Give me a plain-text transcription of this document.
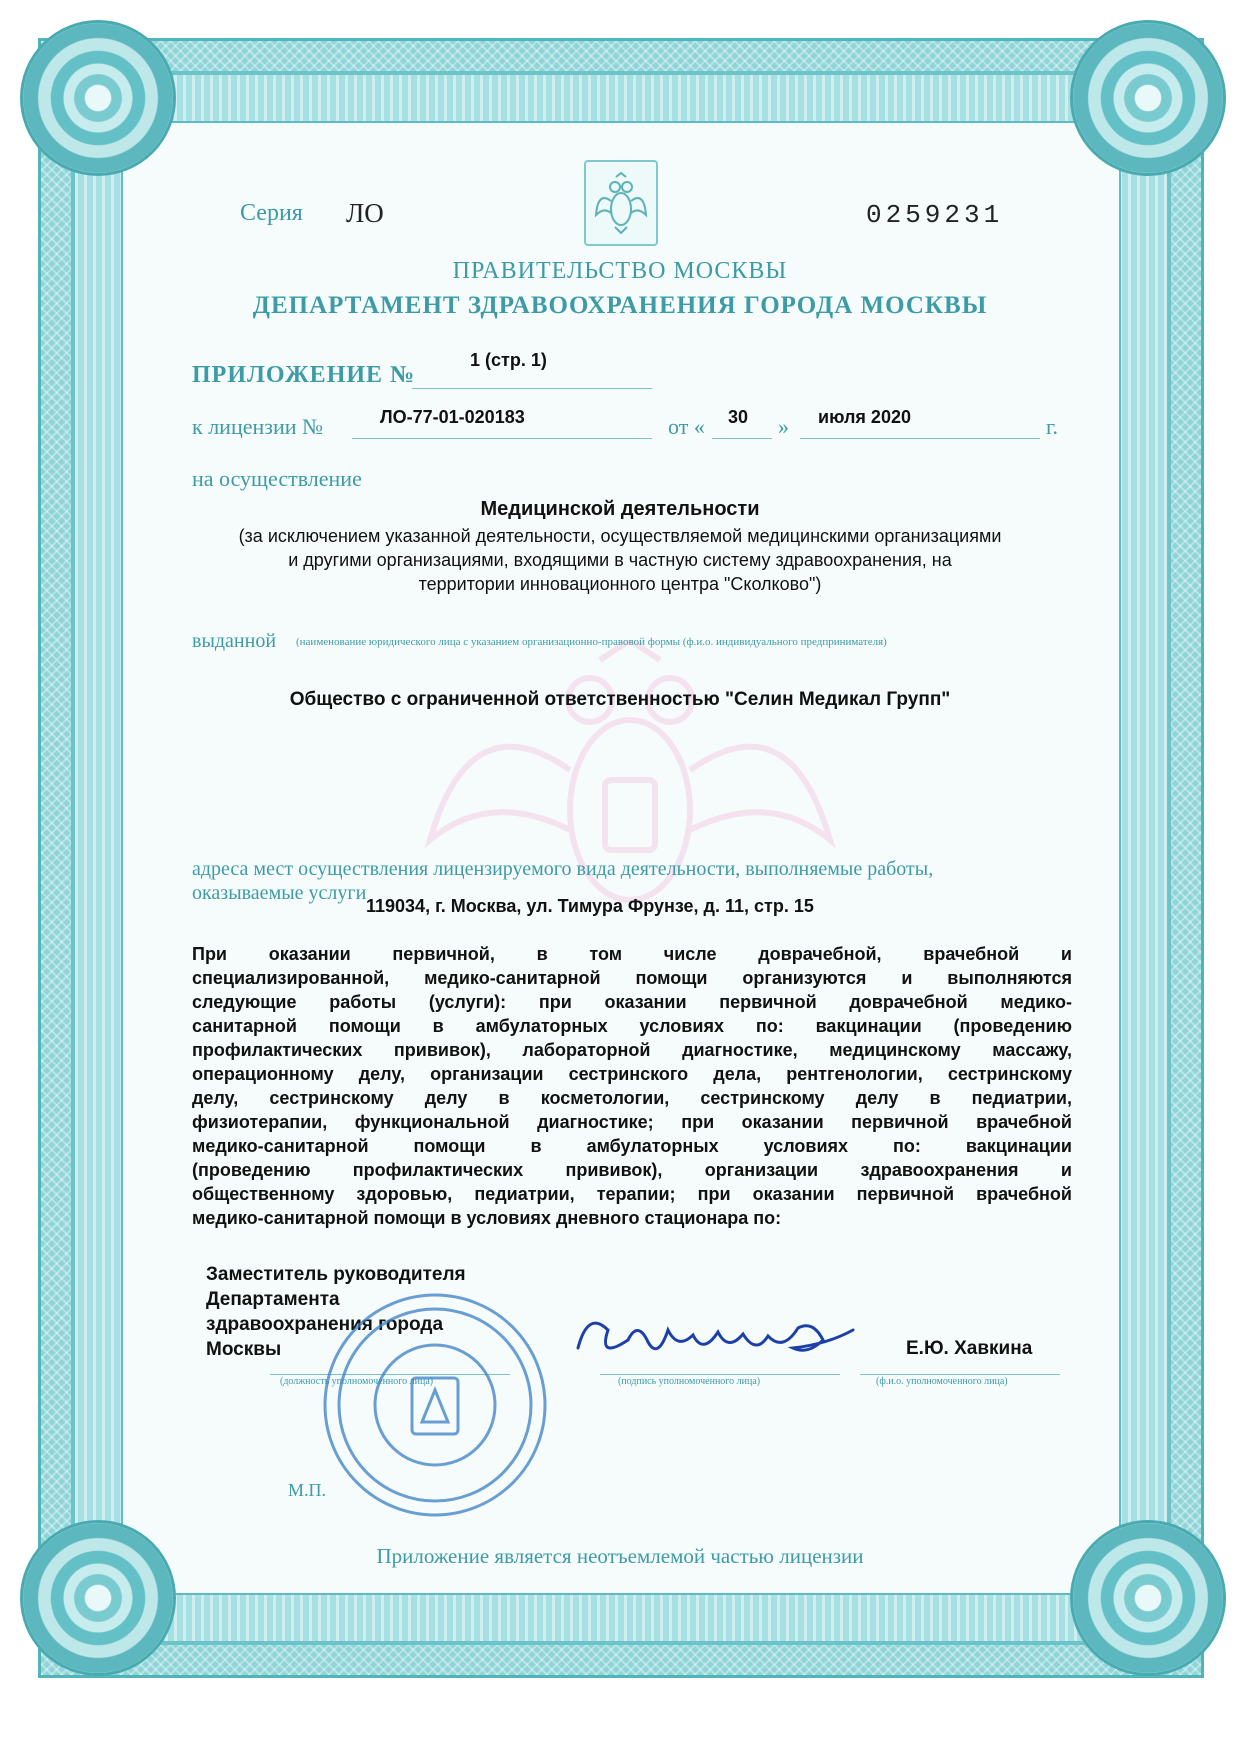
Серия ЛО	0259231
ПРАВИТЕЛЬСТВО МОСКВЫ
ДЕПАРТАМЕНТ ЗДРАВООХРАНЕНИЯ ГОРОДА МОСКВЫ
ПРИЛОЖЕНИЕ №
1 (стр. 1)
к лицензии №	ЛО-77-01-020183	от « 30 » июля 2020	г.
на осуществление
Медицинской деятельности
(за исключением указанной деятельности, осуществляемой медицинскими организациями
и другими организациями, входящими в частную систему здравоохранения, на
территории инновационного центра "Сколково")
выданной (наименование юридического лица с указанием организационно-правовой формы (ф.и.о. индивидуального предпринимателя)
Общество с ограниченной ответственностью "Селин Медикал Групп"
адреса мест осуществления лицензируемого вида деятельности, выполняемые работы,
оказываемые услуги
119034, г. Москва, ул. Тимура Фрунзе, д. 11, стр. 15
При оказании первичной, в том числе доврачебной, врачебной и
специализированной, медико-санитарной помощи организуются и выполняются
следующие работы (услуги): при оказании первичной доврачебной медико-
санитарной помощи в амбулаторных условиях по: вакцинации (проведению
профилактических прививок), лабораторной диагностике, медицинскому массажу,
операционному делу, организации сестринского дела, рентгенологии, сестринскому
делу, сестринскому делу в косметологии, сестринскому делу в педиатрии,
физиотерапии, функциональной диагностике; при оказании первичной врачебной
медико-санитарной помощи в амбулаторных условиях по: вакцинации
(проведению профилактических прививок), организации здравоохранения и
общественному здоровью, педиатрии, терапии; при оказании первичной врачебной
медико-санитарной помощи в условиях дневного стационара по:
Заместитель руководителя
Департамента
здравоохранения города
Москвы	Е.Ю. Хавкина
(должность уполномоченного лица)	(подпись уполномоченного лица)	(ф.и.о. уполномоченного лица)
М.П.
Приложение является неотъемлемой частью лицензии
